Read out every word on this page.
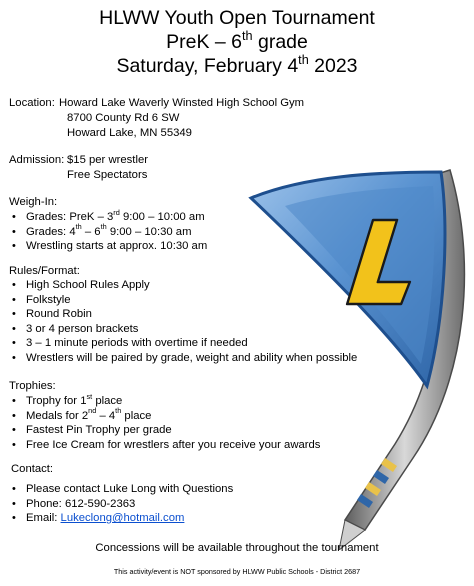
HLWW Youth Open Tournament
PreK – 6th grade
Saturday, February 4th 2023
Location: Howard Lake Waverly Winsted High School Gym
8700 County Rd 6 SW
Howard Lake, MN 55349
Admission: $15 per wrestler
Free Spectators
Weigh-In:
• Grades: PreK – 3rd 9:00 – 10:00 am
• Grades: 4th – 6th 9:00 – 10:30 am
• Wrestling starts at approx. 10:30 am
Rules/Format:
• High School Rules Apply
• Folkstyle
• Round Robin
• 3 or 4 person brackets
• 3 – 1 minute periods with overtime if needed
• Wrestlers will be paired by grade, weight and ability when possible
Trophies:
• Trophy for 1st place
• Medals for 2nd – 4th place
• Fastest Pin Trophy per grade
• Free Ice Cream for wrestlers after you receive your awards
Contact:
• Please contact Luke Long with Questions
• Phone: 612-590-2363
• Email: Lukeclong@hotmail.com
Concessions will be available throughout the tournament
This activity/event is NOT sponsored by HLWW Public Schools - District 2687
